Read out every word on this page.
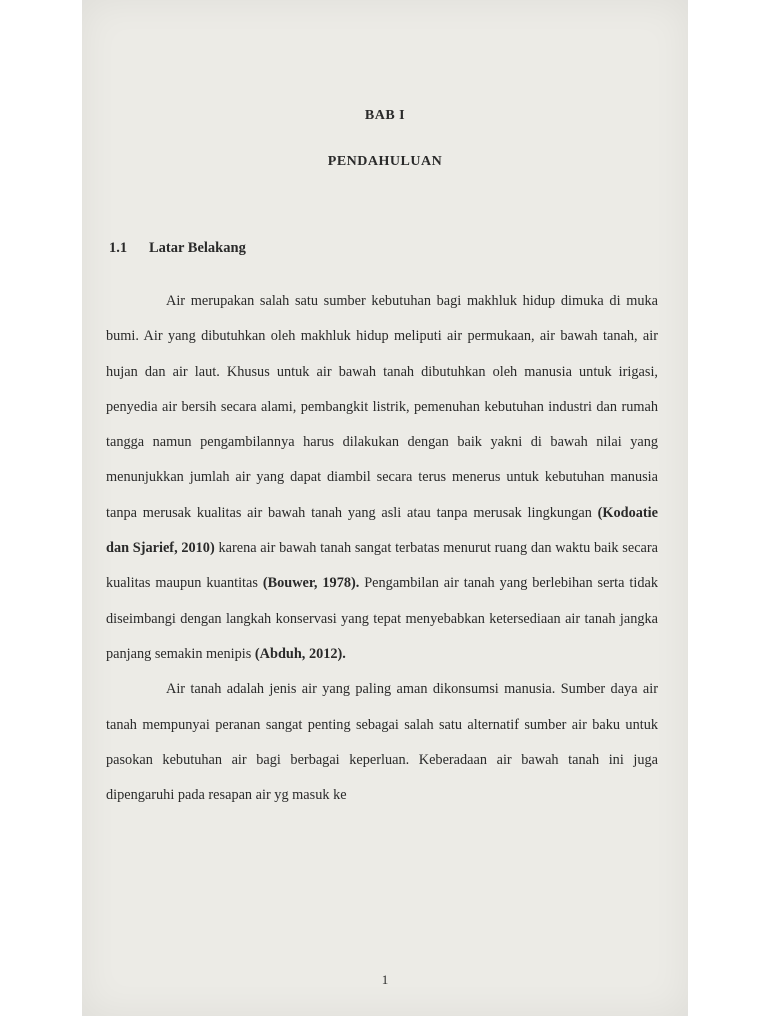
BAB I
PENDAHULUAN
1.1 Latar Belakang

Air merupakan salah satu sumber kebutuhan bagi makhluk hidup dimuka di muka bumi. Air yang dibutuhkan oleh makhluk hidup meliputi air permukaan, air bawah tanah, air hujan dan air laut. Khusus untuk air bawah tanah dibutuhkan oleh manusia untuk irigasi, penyedia air bersih secara alami, pembangkit listrik, pemenuhan kebutuhan industri dan rumah tangga namun pengambilannya harus dilakukan dengan baik yakni di bawah nilai yang menunjukkan jumlah air yang dapat diambil secara terus menerus untuk kebutuhan manusia tanpa merusak kualitas air bawah tanah yang asli atau tanpa merusak lingkungan (Kodoatie dan Sjarief, 2010) karena air bawah tanah sangat terbatas menurut ruang dan waktu baik secara kualitas maupun kuantitas (Bouwer, 1978). Pengambilan air tanah yang berlebihan serta tidak diseimbangi dengan langkah konservasi yang tepat menyebabkan ketersediaan air tanah jangka panjang semakin menipis (Abduh, 2012).

Air tanah adalah jenis air yang paling aman dikonsumsi manusia. Sumber daya air tanah mempunyai peranan sangat penting sebagai salah satu alternatif sumber air baku untuk pasokan kebutuhan air bagi berbagai keperluan. Keberadaan air bawah tanah ini juga dipengaruhi pada resapan air yg masuk ke

1
